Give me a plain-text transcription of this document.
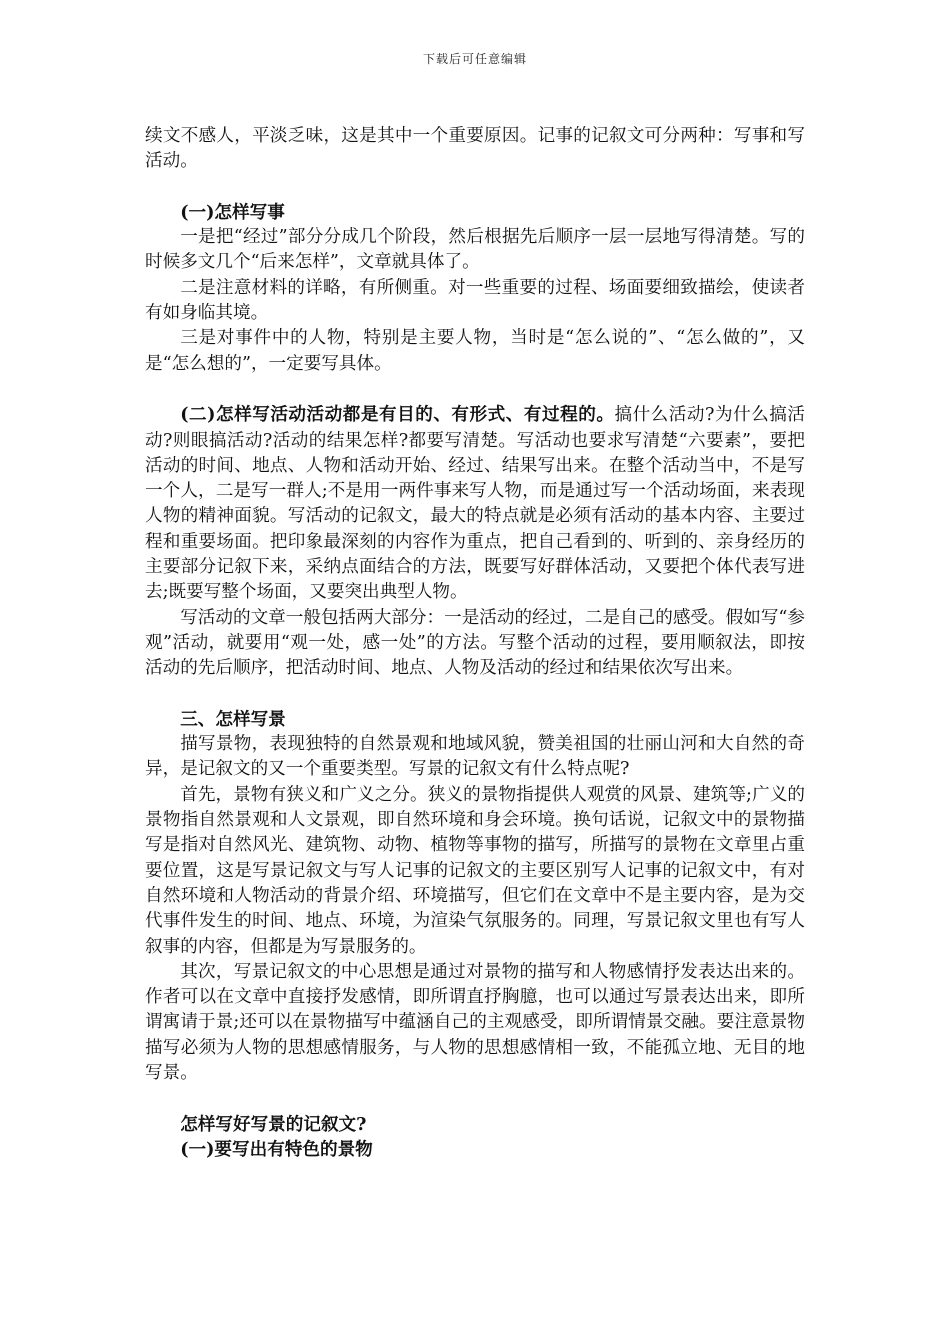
下载后可任意编辑

续文不感人，平淡乏味，这是其中一个重要原因。记事的记叙文可分两种：写事和写活动。

(一)怎样写事

一是把“经过”部分分成几个阶段，然后根据先后顺序一层一层地写得清楚。写的时候多文几个“后来怎样”，文章就具体了。

二是注意材料的详略，有所侧重。对一些重要的过程、场面要细致描绘，使读者有如身临其境。

三是对事件中的人物，特别是主要人物，当时是“怎么说的”、“怎么做的”，又是“怎么想的”，一定要写具体。

(二)怎样写活动活动都是有目的、有形式、有过程的。搞什么活动?为什么搞活动?则眼搞活动?活动的结果怎样?都要写清楚。写活动也要求写清楚“六要素”，要把活动的时间、地点、人物和活动开始、经过、结果写出来。在整个活动当中，不是写一个人，二是写一群人;不是用一两件事来写人物，而是通过写一个活动场面，来表现人物的精神面貌。写活动的记叙文，最大的特点就是必须有活动的基本内容、主要过程和重要场面。把印象最深刻的内容作为重点，把自己看到的、听到的、亲身经历的主要部分记叙下来，采纳点面结合的方法，既要写好群体活动，又要把个体代表写进去;既要写整个场面，又要突出典型人物。

写活动的文章一般包括两大部分：一是活动的经过，二是自己的感受。假如写“参观”活动，就要用“观一处，感一处”的方法。写整个活动的过程，要用顺叙法，即按活动的先后顺序，把活动时间、地点、人物及活动的经过和结果依次写出来。

三、怎样写景

描写景物，表现独特的自然景观和地域风貌，赞美祖国的壮丽山河和大自然的奇异，是记叙文的又一个重要类型。写景的记叙文有什么特点呢?

首先，景物有狭义和广义之分。狭义的景物指提供人观赏的风景、建筑等;广义的景物指自然景观和人文景观，即自然环境和身会环境。换句话说，记叙文中的景物描写是指对自然风光、建筑物、动物、植物等事物的描写，所描写的景物在文章里占重要位置，这是写景记叙文与写人记事的记叙文的主要区别写人记事的记叙文中，有对自然环境和人物活动的背景介绍、环境描写，但它们在文章中不是主要内容，是为交代事件发生的时间、地点、环境，为渲染气氛服务的。同理，写景记叙文里也有写人叙事的内容，但都是为写景服务的。

其次，写景记叙文的中心思想是通过对景物的描写和人物感情抒发表达出来的。作者可以在文章中直接抒发感情，即所谓直抒胸臆，也可以通过写景表达出来，即所谓寓请于景;还可以在景物描写中蕴涵自己的主观感受，即所谓情景交融。要注意景物描写必须为人物的思想感情服务，与人物的思想感情相一致，不能孤立地、无目的地写景。

怎样写好写景的记叙文?

(一)要写出有特色的景物
